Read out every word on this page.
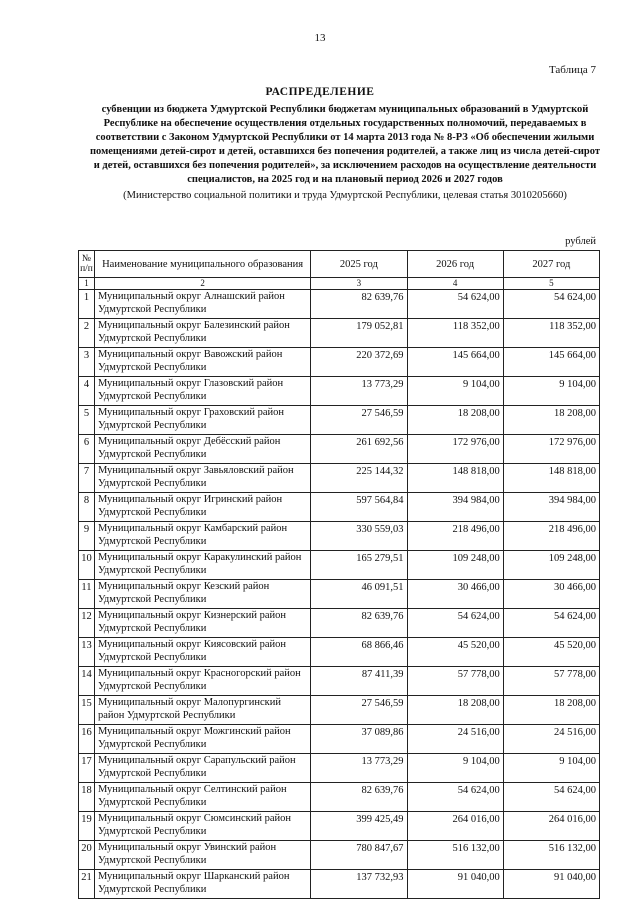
13
Таблица 7
РАСПРЕДЕЛЕНИЕ
субвенции из бюджета Удмуртской Республики бюджетам муниципальных образований в Удмуртской Республике на обеспечение осуществления отдельных государственных полномочий, передаваемых в соответствии с Законом Удмуртской Республики от 14 марта 2013 года № 8-РЗ «Об обеспечении жилыми помещениями детей-сирот и детей, оставшихся без попечения родителей, а также лиц из числа детей-сирот и детей, оставшихся без попечения родителей», за исключением расходов на осуществление деятельности специалистов, на 2025 год и на плановый период 2026 и 2027 годов
(Министерство социальной политики и труда Удмуртской Республики, целевая статья 3010205660)
рублей
№ п/п	Наименование муниципального образования	2025 год	2026 год	2027 год
1	2	3	4	5
1	Муниципальный округ Алнашский район Удмуртской Республики	82 639,76	54 624,00	54 624,00
2	Муниципальный округ Балезинский район Удмуртской Республики	179 052,81	118 352,00	118 352,00
3	Муниципальный округ Вавожский район Удмуртской Республики	220 372,69	145 664,00	145 664,00
4	Муниципальный округ Глазовский район Удмуртской Республики	13 773,29	9 104,00	9 104,00
5	Муниципальный округ Граховский район Удмуртской Республики	27 546,59	18 208,00	18 208,00
6	Муниципальный округ Дебёсский район Удмуртской Республики	261 692,56	172 976,00	172 976,00
7	Муниципальный округ Завьяловский район Удмуртской Республики	225 144,32	148 818,00	148 818,00
8	Муниципальный округ Игринский район Удмуртской Республики	597 564,84	394 984,00	394 984,00
9	Муниципальный округ Камбарский район Удмуртской Республики	330 559,03	218 496,00	218 496,00
10	Муниципальный округ Каракулинский район Удмуртской Республики	165 279,51	109 248,00	109 248,00
11	Муниципальный округ Кезский район Удмуртской Республики	46 091,51	30 466,00	30 466,00
12	Муниципальный округ Кизнерский район Удмуртской Республики	82 639,76	54 624,00	54 624,00
13	Муниципальный округ Киясовский район Удмуртской Республики	68 866,46	45 520,00	45 520,00
14	Муниципальный округ Красногорский район Удмуртской Республики	87 411,39	57 778,00	57 778,00
15	Муниципальный округ Малопургинский район Удмуртской Республики	27 546,59	18 208,00	18 208,00
16	Муниципальный округ Можгинский район Удмуртской Республики	37 089,86	24 516,00	24 516,00
17	Муниципальный округ Сарапульский район Удмуртской Республики	13 773,29	9 104,00	9 104,00
18	Муниципальный округ Селтинский район Удмуртской Республики	82 639,76	54 624,00	54 624,00
19	Муниципальный округ Сюмсинский район Удмуртской Республики	399 425,49	264 016,00	264 016,00
20	Муниципальный округ Увинский район Удмуртской Республики	780 847,67	516 132,00	516 132,00
21	Муниципальный округ Шарканский район Удмуртской Республики	137 732,93	91 040,00	91 040,00
